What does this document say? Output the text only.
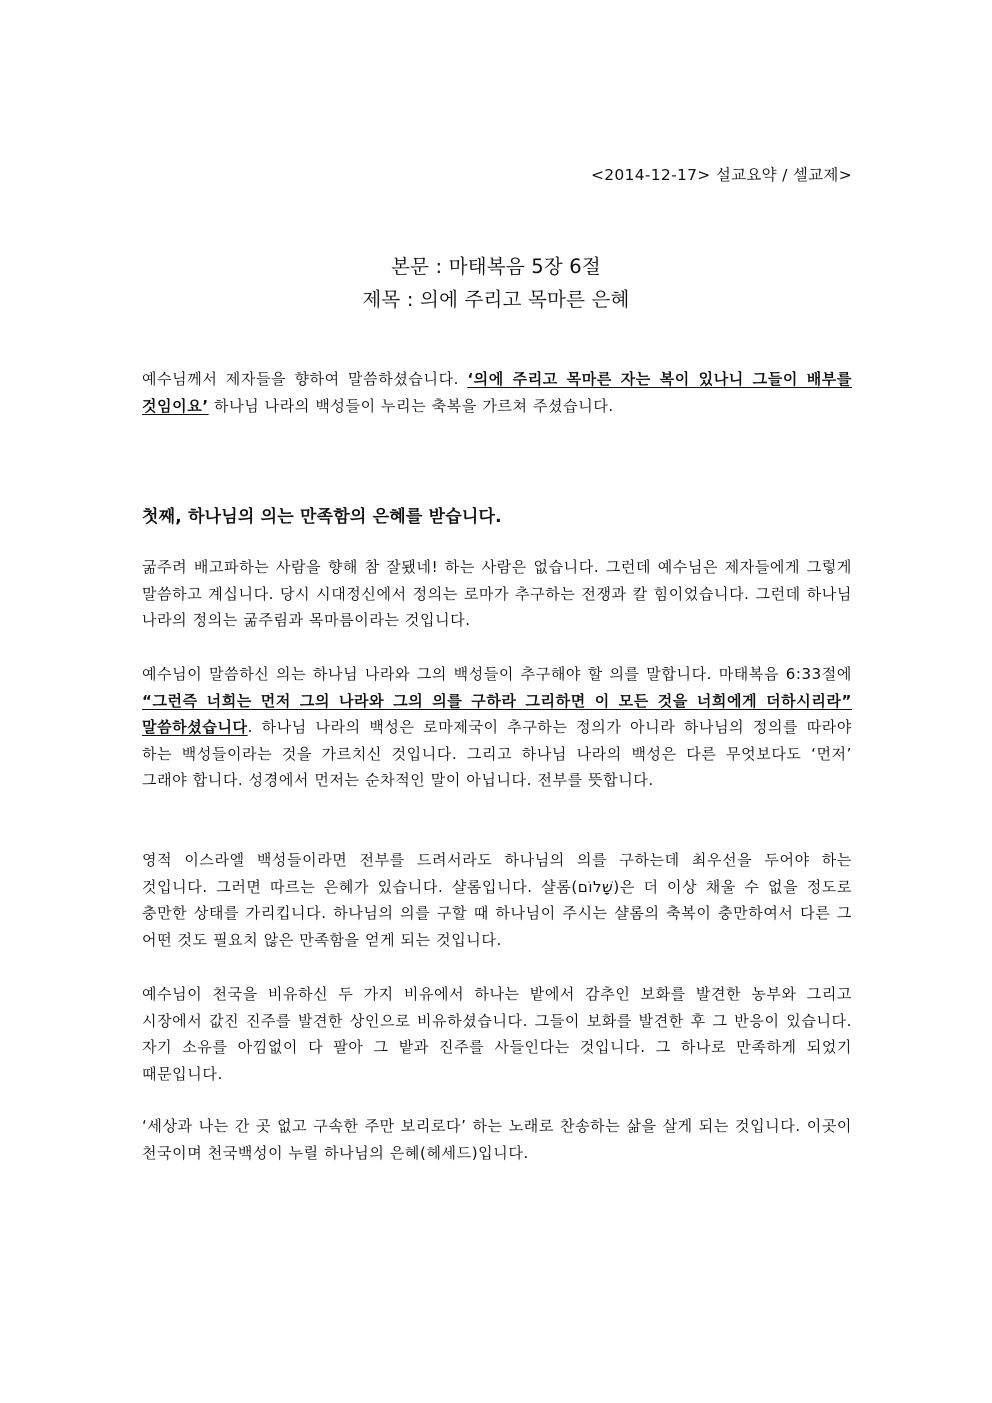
<2014-12-17> 설교요약 / 셀교제>
본문 : 마태복음 5장 6절
제목 : 의에 주리고 목마른 은혜
예수님께서 제자들을 향하여 말씀하셨습니다. ‘의에 주리고 목마른 자는 복이 있나니 그들이 배부를 것임이요’ 하나님 나라의 백성들이 누리는 축복을 가르쳐 주셨습니다.
첫째, 하나님의 의는 만족함의 은혜를 받습니다.
굶주려 배고파하는 사람을 향해 참 잘됐네! 하는 사람은 없습니다. 그런데 예수님은 제자들에게 그렇게 말씀하고 계십니다. 당시 시대정신에서 정의는 로마가 추구하는 전쟁과 칼 힘이었습니다. 그런데 하나님 나라의 정의는 굶주림과 목마름이라는 것입니다.
예수님이 말씀하신 의는 하나님 나라와 그의 백성들이 추구해야 할 의를 말합니다. 마태복음 6:33절에 “그런즉 너희는 먼저 그의 나라와 그의 의를 구하라 그리하면 이 모든 것을 너희에게 더하시리라” 말씀하셨습니다. 하나님 나라의 백성은 로마제국이 추구하는 정의가 아니라 하나님의 정의를 따라야 하는 백성들이라는 것을 가르치신 것입니다. 그리고 하나님 나라의 백성은 다른 무엇보다도 ‘먼저’ 그래야 합니다. 성경에서 먼저는 순차적인 말이 아닙니다. 전부를 뜻합니다.
영적 이스라엘 백성들이라면 전부를 드려서라도 하나님의 의를 구하는데 최우선을 두어야 하는 것입니다. 그러면 따르는 은혜가 있습니다. 샬롬입니다. 샬롬(שָׁלוֹם)은 더 이상 채울 수 없을 정도로 충만한 상태를 가리킵니다. 하나님의 의를 구할 때 하나님이 주시는 샬롬의 축복이 충만하여서 다른 그 어떤 것도 필요치 않은 만족함을 얻게 되는 것입니다.
예수님이 천국을 비유하신 두 가지 비유에서 하나는 밭에서 감추인 보화를 발견한 농부와 그리고 시장에서 값진 진주를 발견한 상인으로 비유하셨습니다. 그들이 보화를 발견한 후 그 반응이 있습니다. 자기 소유를 아낌없이 다 팔아 그 밭과 진주를 사들인다는 것입니다. 그 하나로 만족하게 되었기 때문입니다.
‘세상과 나는 간 곳 없고 구속한 주만 보리로다’ 하는 노래로 찬송하는 삶을 살게 되는 것입니다. 이곳이 천국이며 천국백성이 누릴 하나님의 은혜(헤세드)입니다.
